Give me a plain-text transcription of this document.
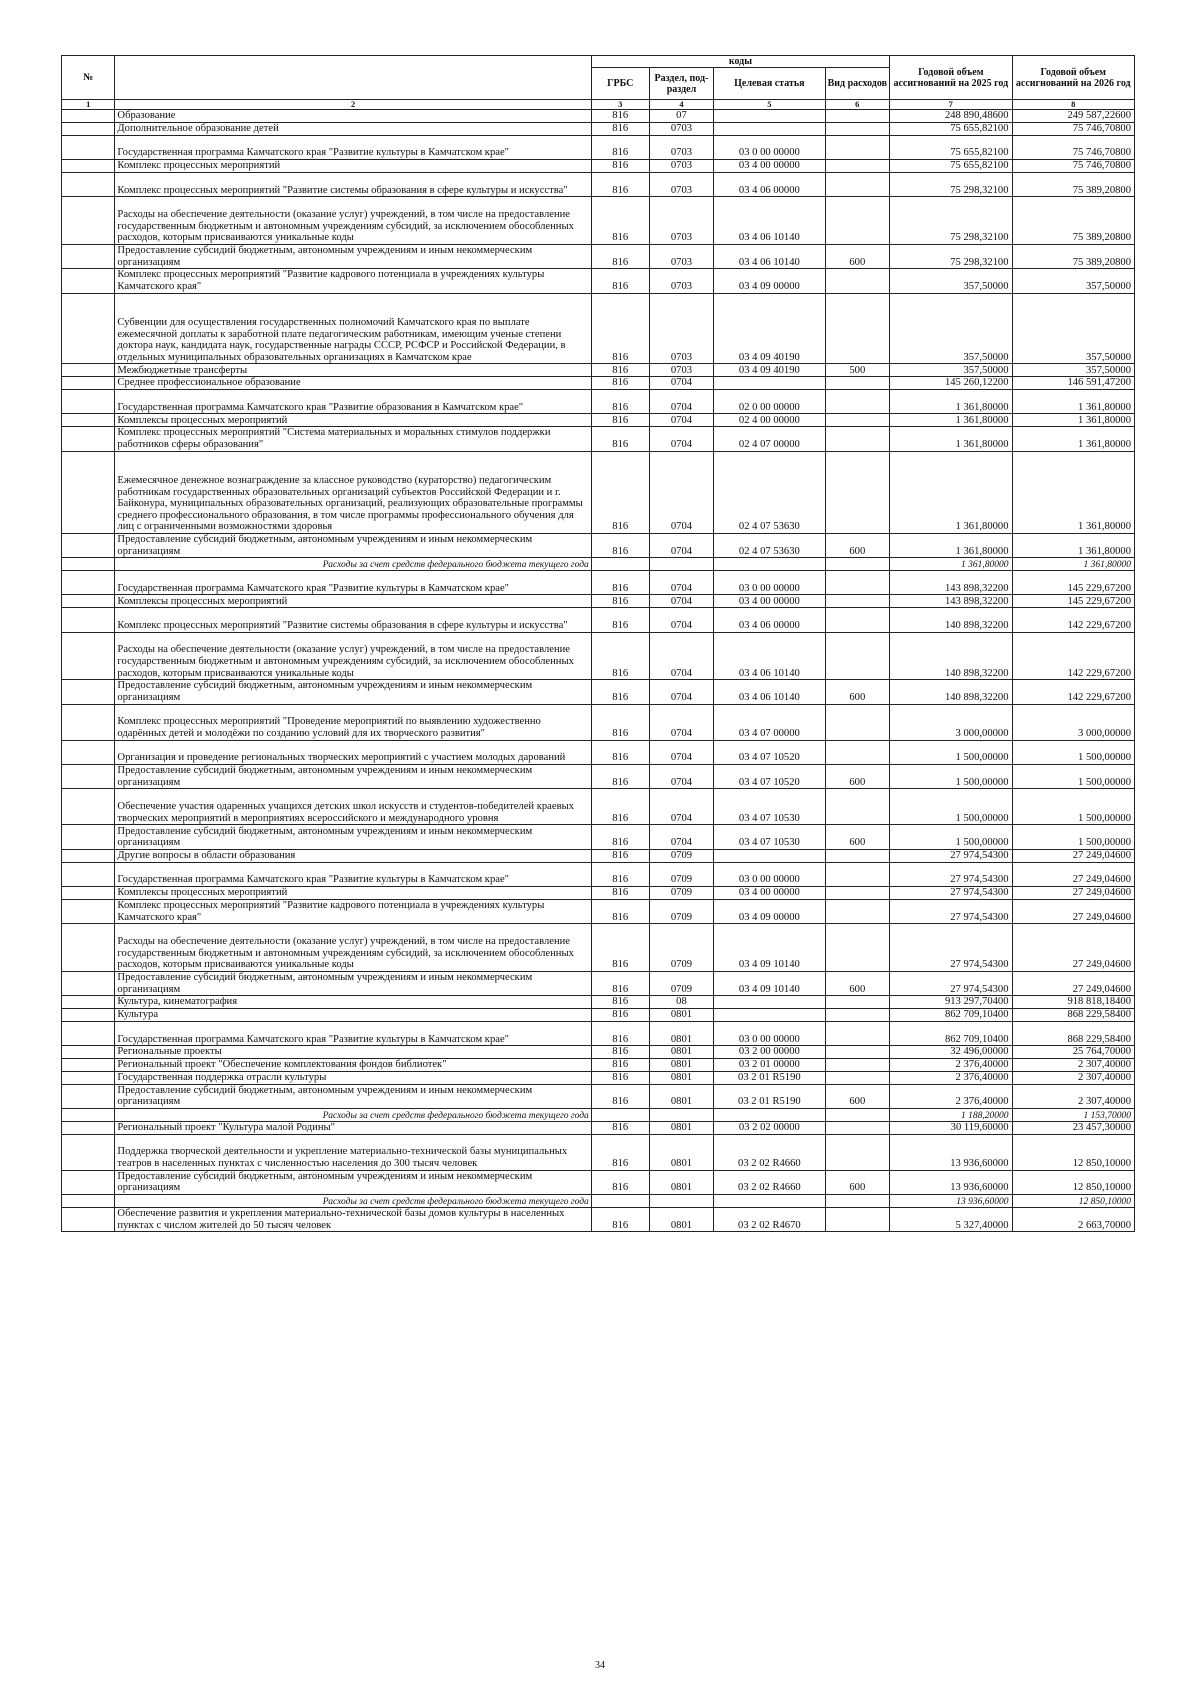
№		коды				Годовой объем ассигнований на 2025 год	Годовой объем ассигнований на 2026 год
		ГРБС	Раздел, под-раздел	Целевая статья	Вид расходов		
1	2	3	4	5	6	7	8
	Образование	816	07			248 890,48600	249 587,22600
	Дополнительное образование детей	816	0703			75 655,82100	75 746,70800
	Государственная программа Камчатского края "Развитие культуры в Камчатском крае"	816	0703	03 0 00 00000		75 655,82100	75 746,70800
	Комплекс процессных мероприятий	816	0703	03 4 00 00000		75 655,82100	75 746,70800
	Комплекс процессных мероприятий "Развитие системы образования в сфере культуры и искусства"	816	0703	03 4 06 00000		75 298,32100	75 389,20800
	Расходы на обеспечение деятельности (оказание услуг) учреждений, в том числе на предоставление государственным бюджетным и автономным учреждениям субсидий, за исключением обособленных расходов, которым присваиваются уникальные коды	816	0703	03 4 06 10140		75 298,32100	75 389,20800
	Предоставление субсидий бюджетным, автономным учреждениям и иным некоммерческим организациям	816	0703	03 4 06 10140	600	75 298,32100	75 389,20800
	Комплекс процессных мероприятий "Развитие кадрового потенциала в учреждениях культуры Камчатского края"	816	0703	03 4 09 00000		357,50000	357,50000
	Субвенции для осуществления государственных полномочий Камчатского края по выплате ежемесячной доплаты к заработной плате педагогическим работникам, имеющим ученые степени доктора наук, кандидата наук, государственные награды СССР, РСФСР и Российской Федерации, в отдельных муниципальных образовательных организациях в Камчатском крае	816	0703	03 4 09 40190		357,50000	357,50000
	Межбюджетные трансферты	816	0703	03 4 09 40190	500	357,50000	357,50000
	Среднее профессиональное образование	816	0704			145 260,12200	146 591,47200
	Государственная программа Камчатского края "Развитие образования в Камчатском крае"	816	0704	02 0 00 00000		1 361,80000	1 361,80000
	Комплексы процессных мероприятий	816	0704	02 4 00 00000		1 361,80000	1 361,80000
	Комплекс процессных мероприятий "Система материальных и моральных стимулов поддержки работников сферы образования"	816	0704	02 4 07 00000		1 361,80000	1 361,80000
	Ежемесячное денежное вознаграждение за классное руководство (кураторство) педагогическим работникам государственных образовательных организаций субъектов Российской Федерации и г. Байконура, муниципальных образовательных организаций, реализующих образовательные программы среднего профессионального образования, в том числе программы профессионального обучения для лиц с ограниченными возможностями здоровья	816	0704	02 4 07 53630		1 361,80000	1 361,80000
	Предоставление субсидий бюджетным, автономным учреждениям и иным некоммерческим организациям	816	0704	02 4 07 53630	600	1 361,80000	1 361,80000
	Расходы за счет средств федерального бюджета текущего года					1 361,80000	1 361,80000
	Государственная программа Камчатского края "Развитие культуры в Камчатском крае"	816	0704	03 0 00 00000		143 898,32200	145 229,67200
	Комплексы процессных мероприятий	816	0704	03 4 00 00000		143 898,32200	145 229,67200
	Комплекс процессных мероприятий "Развитие системы образования в сфере культуры и искусства"	816	0704	03 4 06 00000		140 898,32200	142 229,67200
	Расходы на обеспечение деятельности (оказание услуг) учреждений, в том числе на предоставление государственным бюджетным и автономным учреждениям субсидий, за исключением обособленных расходов, которым присваиваются уникальные коды	816	0704	03 4 06 10140		140 898,32200	142 229,67200
	Предоставление субсидий бюджетным, автономным учреждениям и иным некоммерческим организациям	816	0704	03 4 06 10140	600	140 898,32200	142 229,67200
	Комплекс процессных мероприятий "Проведение мероприятий по выявлению художественно одарённых детей и молодёжи по созданию условий для их творческого развития"	816	0704	03 4 07 00000		3 000,00000	3 000,00000
	Организация и проведение региональных творческих мероприятий с участием молодых дарований	816	0704	03 4 07 10520		1 500,00000	1 500,00000
	Предоставление субсидий бюджетным, автономным учреждениям и иным некоммерческим организациям	816	0704	03 4 07 10520	600	1 500,00000	1 500,00000
	Обеспечение участия одаренных учащихся детских школ искусств и студентов-победителей краевых творческих мероприятий в мероприятиях всероссийского и международного уровня	816	0704	03 4 07 10530		1 500,00000	1 500,00000
	Предоставление субсидий бюджетным, автономным учреждениям и иным некоммерческим организациям	816	0704	03 4 07 10530	600	1 500,00000	1 500,00000
	Другие вопросы в области образования	816	0709			27 974,54300	27 249,04600
	Государственная программа Камчатского края "Развитие культуры в Камчатском крае"	816	0709	03 0 00 00000		27 974,54300	27 249,04600
	Комплексы процессных мероприятий	816	0709	03 4 00 00000		27 974,54300	27 249,04600
	Комплекс процессных мероприятий "Развитие кадрового потенциала в учреждениях культуры Камчатского края"	816	0709	03 4 09 00000		27 974,54300	27 249,04600
	Расходы на обеспечение деятельности (оказание услуг) учреждений, в том числе на предоставление государственным бюджетным и автономным учреждениям субсидий, за исключением обособленных расходов, которым присваиваются уникальные коды	816	0709	03 4 09 10140		27 974,54300	27 249,04600
	Предоставление субсидий бюджетным, автономным учреждениям и иным некоммерческим организациям	816	0709	03 4 09 10140	600	27 974,54300	27 249,04600
	Культура, кинематография	816	08			913 297,70400	918 818,18400
	Культура	816	0801			862 709,10400	868 229,58400
	Государственная программа Камчатского края "Развитие культуры в Камчатском крае"	816	0801	03 0 00 00000		862 709,10400	868 229,58400
	Региональные проекты	816	0801	03 2 00 00000		32 496,00000	25 764,70000
	Региональный проект "Обеспечение комплектования фондов библиотек"	816	0801	03 2 01 00000		2 376,40000	2 307,40000
	Государственная поддержка отрасли культуры	816	0801	03 2 01 R5190		2 376,40000	2 307,40000
	Предоставление субсидий бюджетным, автономным учреждениям и иным некоммерческим организациям	816	0801	03 2 01 R5190	600	2 376,40000	2 307,40000
	Расходы за счет средств федерального бюджета текущего года					1 188,20000	1 153,70000
	Региональный проект "Культура малой Родины"	816	0801	03 2 02 00000		30 119,60000	23 457,30000
	Поддержка творческой деятельности и укрепление материально-технической базы муниципальных театров в населенных пунктах с численностью населения до 300 тысяч человек	816	0801	03 2 02 R4660		13 936,60000	12 850,10000
	Предоставление субсидий бюджетным, автономным учреждениям и иным некоммерческим организациям	816	0801	03 2 02 R4660	600	13 936,60000	12 850,10000
	Расходы за счет средств федерального бюджета текущего года					13 936,60000	12 850,10000
	Обеспечение развития и укрепления материально-технической базы домов культуры в населенных пунктах с числом жителей до 50 тысяч человек	816	0801	03 2 02 R4670		5 327,40000	2 663,70000
34
